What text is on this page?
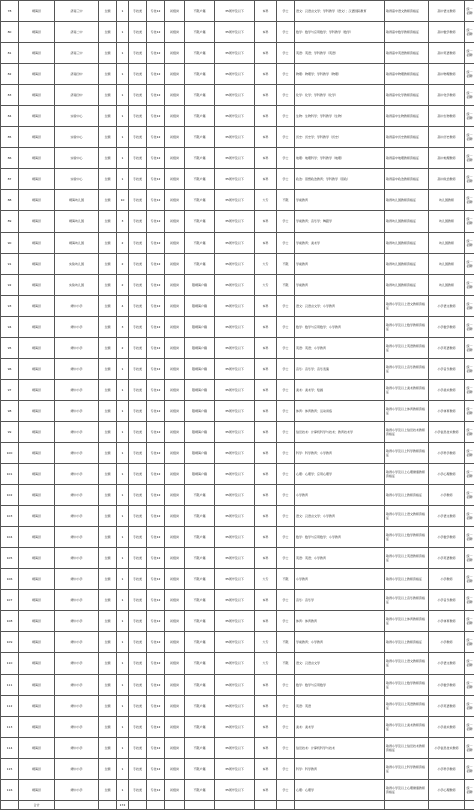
78	靖海县	济南三中	全额	1	专技类	专技12	初级岗	不限户籍	35周岁及以下	本科	学士	语文：汉语言文学；学科教学（语文）；汉语国际教育	取得高中语文教师资格证	高中语文教师	统一招聘
80	靖海县	济南二中	全额	1	专技类	专技12	初级岗	不限户籍	35周岁及以下	本科	学士	数学：数学与应用数学；学科教学（数学）	取得高中数学教师资格证	高中数学教师	统一招聘
81	靖海县	济南三中	全额	1	专技类	专技12	初级岗	不限户籍	35周岁及以下	本科	学士	英语：英语；学科教学（英语）	取得高中英语教师资格证	高中英语教师	统一招聘
82	靖海县	济南四中	全额	1	专技类	专技12	初级岗	不限户籍	35周岁及以下	本科	学士	物理：物理学；学科教学（物理）	取得高中物理教师资格证	高中物理教师	统一招聘
83	靖海县	济南四中	全额	1	专技类	专技12	初级岗	不限户籍	35周岁及以下	本科	学士	化学：化学；学科教学（化学）	取得高中化学教师资格证	高中化学教师	统一招聘
84	靖海县	实验中心	全额	1	专技类	专技12	初级岗	不限户籍	35周岁及以下	本科	学士	生物：生物科学；学科教学（生物）	取得高中生物教师资格证	高中生物教师	统一招聘
85	靖海县	实验中心	全额	1	专技类	专技12	初级岗	不限户籍	35周岁及以下	本科	学士	历史：历史学；学科教学（历史）	取得高中历史教师资格证	高中历史教师	统一招聘
86	靖海县	实验中心	全额	1	专技类	专技12	初级岗	不限户籍	35周岁及以下	本科	学士	地理：地理科学；学科教学（地理）	取得高中地理教师资格证	高中地理教师	统一招聘
87	靖海县	实验中心	全额	1	专技类	专技12	初级岗	不限户籍	35周岁及以下	本科	学士	政治：思想政治教育；学科教学（思政）	取得高中政治教师资格证	高中政治教师	统一招聘
88	靖海县	靖海幼儿园	全额	10	专技类	专技12	初级岗	不限户籍	35周岁及以下	大专	不限	学前教育	取得幼儿园教师资格证	幼儿园教师	统一招聘
89	靖海县	靖海幼儿园	全额	3	专技类	专技12	初级岗	不限户籍	35周岁及以下	本科	学士	学前教育；音乐学；舞蹈学	取得幼儿园教师资格证	幼儿园教师	统一招聘
90	靖海县	靖海幼儿园	全额	2	专技类	专技12	初级岗	不限户籍	35周岁及以下	本科	学士	学前教育；美术学	取得幼儿园教师资格证	幼儿园教师	统一招聘
91	靖海县	实验幼儿园	全额	2	专技类	专技12	初级岗	不限户籍	35周岁及以下	大专	不限	学前教育	取得幼儿园教师资格证	幼儿园教师	统一招聘
92	靖海县	实验幼儿园	全额	2	专技类	专技12	初级岗	限靖海户籍	35周岁及以下	大专	不限	学前教育	取得幼儿园教师资格证	幼儿园教师	统一招聘
93	靖海县	靖中小学	全额	4	专技类	专技12	初级岗	限靖海户籍	35周岁及以下	本科	学士	语文：汉语言文学；小学教育	取得小学及以上语文教师资格证	小学语文教师	统一招聘
94	靖海县	靖中小学	全额	3	专技类	专技12	初级岗	限靖海户籍	35周岁及以下	本科	学士	数学：数学与应用数学；小学教育	取得小学及以上数学教师资格证	小学数学教师	统一招聘
95	靖海县	靖中小学	全额	2	专技类	专技12	初级岗	限靖海户籍	35周岁及以下	本科	学士	英语：英语；小学教育	取得小学及以上英语教师资格证	小学英语教师	统一招聘
96	靖海县	靖中小学	全额	1	专技类	专技12	初级岗	限靖海户籍	35周岁及以下	本科	学士	音乐：音乐学；音乐表演	取得小学及以上音乐教师资格证	小学音乐教师	统一招聘
97	靖海县	靖中小学	全额	1	专技类	专技12	初级岗	限靖海户籍	35周岁及以下	本科	学士	美术：美术学；绘画	取得小学及以上美术教师资格证	小学美术教师	统一招聘
98	靖海县	靖中小学	全额	1	专技类	专技12	初级岗	限靖海户籍	35周岁及以下	本科	学士	体育：体育教育；运动训练	取得小学及以上体育教师资格证	小学体育教师	统一招聘
99	靖海县	靖中小学	全额	1	专技类	专技12	初级岗	限靖海户籍	35周岁及以下	本科	学士	信息技术：计算机科学与技术；教育技术学	取得小学及以上信息技术教师资格证	小学信息技术教师	统一招聘
100	靖海县	靖中小学	全额	1	专技类	专技12	初级岗	限靖海户籍	35周岁及以下	本科	学士	科学：科学教育；小学教育	取得小学及以上科学教师资格证	小学科学教师	统一招聘
101	靖海县	靖中小学	全额	1	专技类	专技12	初级岗	限靖海户籍	35周岁及以下	本科	学士	心理：心理学；应用心理学	取得小学及以上心理健康教师资格证	小学心理教师	统一招聘
102	靖海县	靖中小学	全额	1	专技类	专技12	初级岗	不限户籍	35周岁及以下	本科	学士	小学教育	取得小学及以上教师资格证	小学教师	统一招聘
103	靖海县	靖中小学	全额	1	专技类	专技12	初级岗	不限户籍	35周岁及以下	本科	学士	语文：汉语言文学；小学教育	取得小学及以上语文教师资格证	小学语文教师	统一招聘
104	靖海县	靖中小学	全额	1	专技类	专技12	初级岗	不限户籍	35周岁及以下	本科	学士	数学：数学与应用数学；小学教育	取得小学及以上数学教师资格证	小学数学教师	统一招聘
105	靖海县	靖中小学	全额	1	专技类	专技12	初级岗	不限户籍	35周岁及以下	本科	学士	英语：英语；小学教育	取得小学及以上英语教师资格证	小学英语教师	统一招聘
106	靖海县	靖中小学	全额	1	专技类	专技12	初级岗	不限户籍	35周岁及以下	大专	不限	小学教育	取得小学及以上教师资格证	小学教师	统一招聘
107	靖海县	靖中小学	全额	1	专技类	专技12	初级岗	不限户籍	35周岁及以下	本科	学士	音乐：音乐学	取得小学及以上音乐教师资格证	小学音乐教师	统一招聘
108	靖海县	靖中小学	全额	1	专技类	专技12	初级岗	不限户籍	35周岁及以下	本科	学士	体育：体育教育	取得小学及以上体育教师资格证	小学体育教师	统一招聘
109	靖海县	靖中小学	全额	1	专技类	专技12	初级岗	不限户籍	35周岁及以下	大专	不限	学前教育；小学教育	取得小学及以上教师资格证	小学教师	统一招聘
110	靖海县	靖中小学	全额	1	专技类	专技12	初级岗	不限户籍	35周岁及以下	大专	不限	语文：汉语言文学	取得小学及以上语文教师资格证	小学语文教师	统一招聘
111	靖海县	靖中小学	全额	1	专技类	专技12	初级岗	不限户籍	35周岁及以下	本科	学士	数学：数学与应用数学	取得小学及以上数学教师资格证	小学数学教师	统一招聘
112	靖海县	靖中小学	全额	1	专技类	专技12	初级岗	不限户籍	35周岁及以下	本科	学士	英语：英语	取得小学及以上英语教师资格证	小学英语教师	统一招聘
113	靖海县	靖中小学	全额	1	专技类	专技12	初级岗	不限户籍	35周岁及以下	本科	学士	美术：美术学	取得小学及以上美术教师资格证	小学美术教师	统一招聘
114	靖海县	靖中小学	全额	1	专技类	专技12	初级岗	不限户籍	35周岁及以下	本科	学士	信息技术：计算机科学与技术	取得小学及以上信息技术教师资格证	小学信息技术教师	统一招聘
115	靖海县	靖中小学	全额	1	专技类	专技12	初级岗	不限户籍	35周岁及以下	本科	学士	科学：科学教育	取得小学及以上科学教师资格证	小学科学教师	统一招聘
116	靖海县	靖中小学	全额	1	专技类	专技12	初级岗	不限户籍	35周岁及以下	本科	学士	心理：心理学	取得小学及以上心理健康教师资格证	小学心理教师	统一招聘
	合计			172											
